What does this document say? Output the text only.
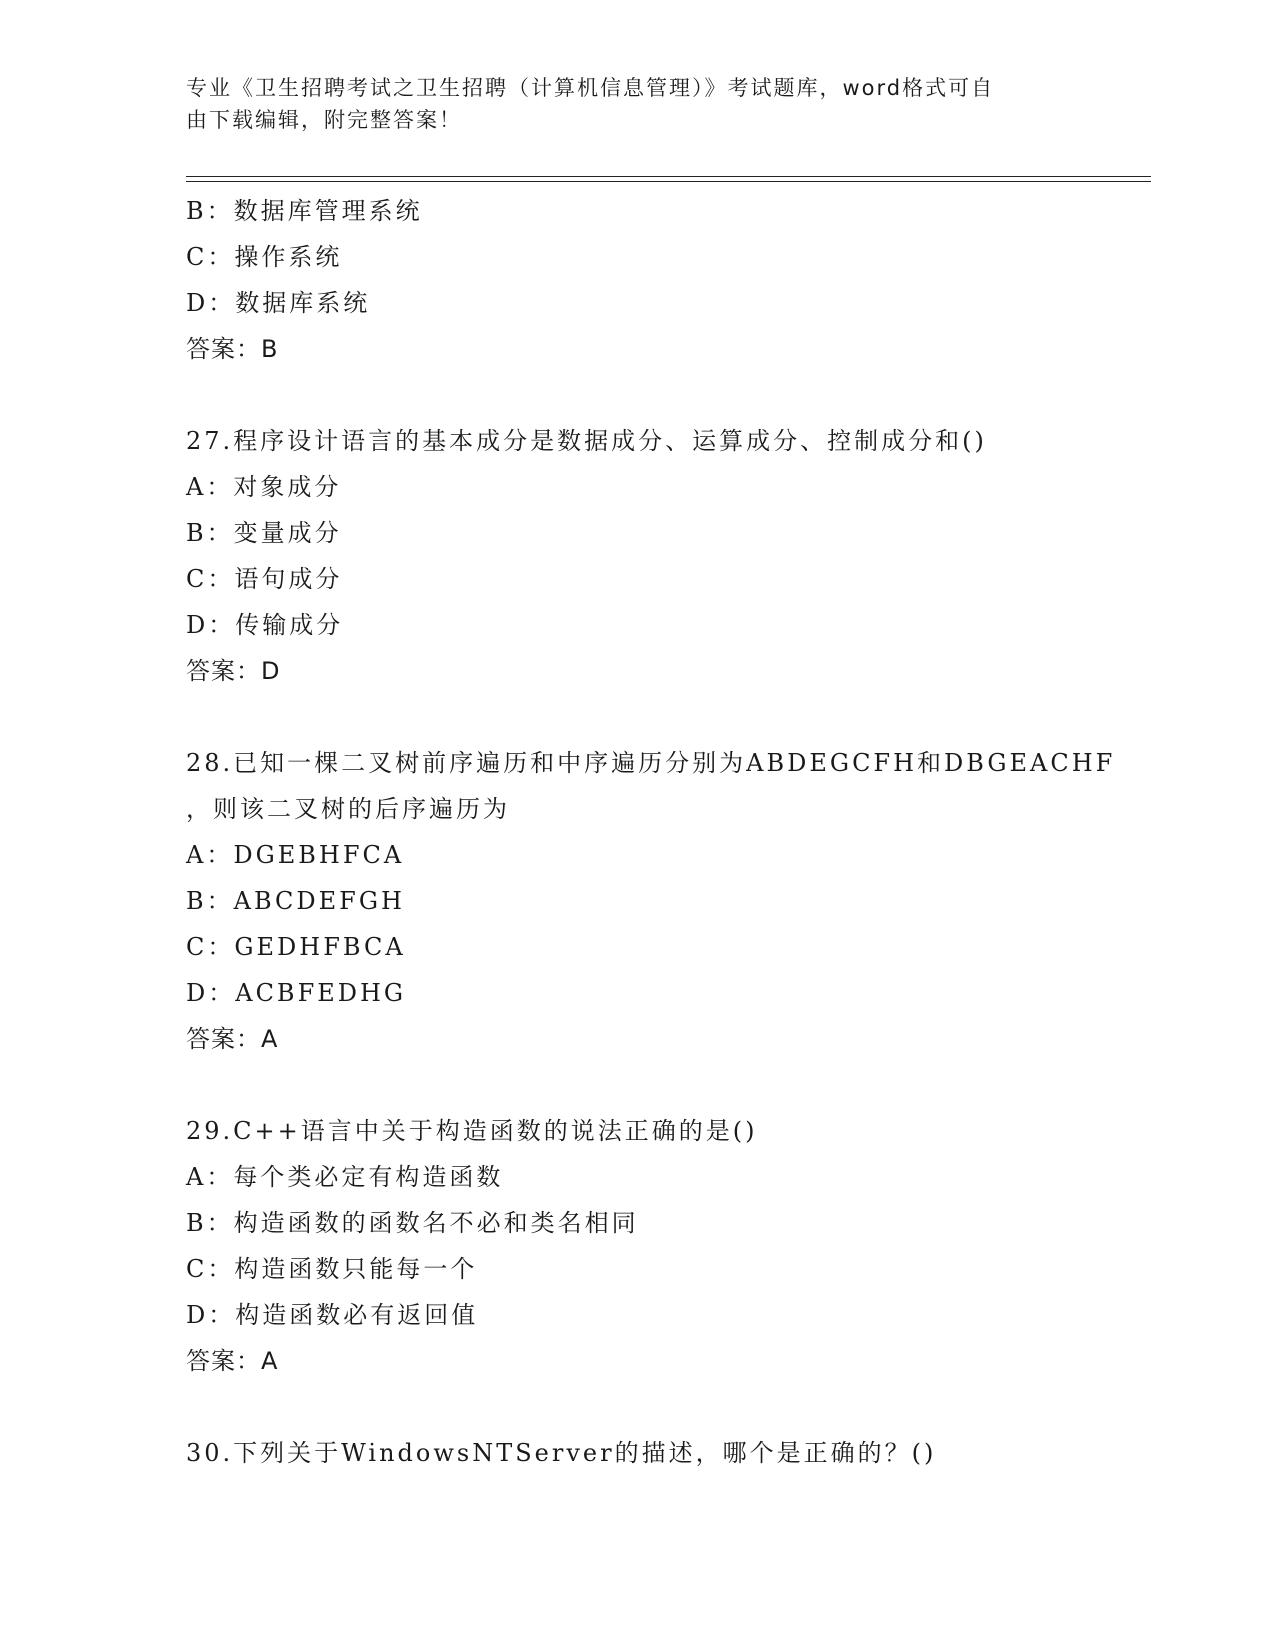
专业《卫生招聘考试之卫生招聘（计算机信息管理）》考试题库，word格式可自
由下载编辑，附完整答案！
B：数据库管理系统
C：操作系统
D：数据库系统
答案：B
27.程序设计语言的基本成分是数据成分、运算成分、控制成分和()
A：对象成分
B：变量成分
C：语句成分
D：传输成分
答案：D
28.已知一棵二叉树前序遍历和中序遍历分别为ABDEGCFH和DBGEACHF
，则该二叉树的后序遍历为
A：DGEBHFCA
B：ABCDEFGH
C：GEDHFBCA
D：ACBFEDHG
答案：A
29.C++语言中关于构造函数的说法正确的是()
A：每个类必定有构造函数
B：构造函数的函数名不必和类名相同
C：构造函数只能每一个
D：构造函数必有返回值
答案：A
30.下列关于WindowsNTServer的描述，哪个是正确的？()
